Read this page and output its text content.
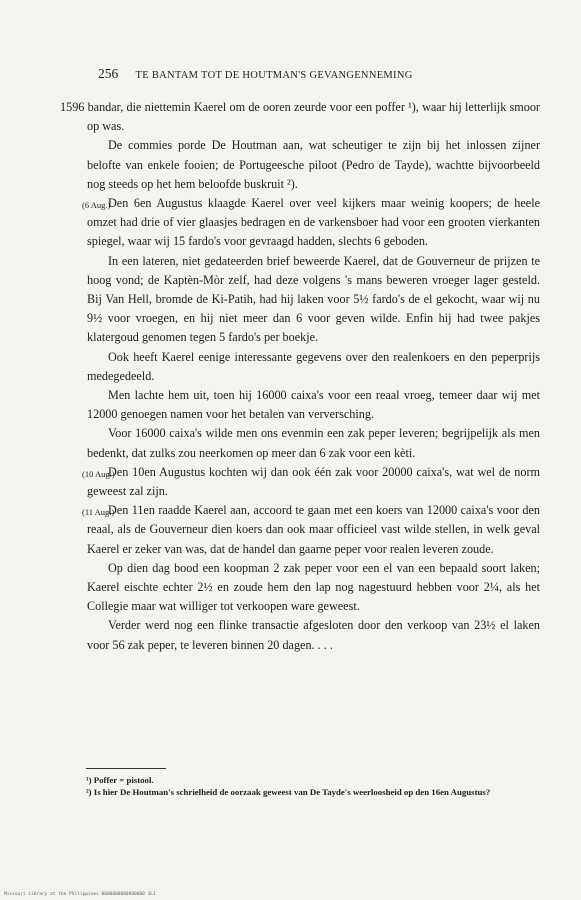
256 TE BANTAM TOT DE HOUTMAN'S GEVANGENNEMING

1596 bandar, die niettemin Kaerel om de ooren zeurde voor een poffer ¹), waar hij letterlijk smoor op was.

De commies porde De Houtman aan, wat scheutiger te zijn bij het inlossen zijner belofte van enkele fooien; de Portugeesche piloot (Pedro de Tayde), wachtte bijvoorbeeld nog steeds op het hem beloofde buskruit ²).

(6 Aug.)
Den 6en Augustus klaagde Kaerel over veel kijkers maar weinig koopers; de heele omzet had drie of vier glaasjes bedragen en de varkensboer had voor een grooten vierkanten spiegel, waar wij 15 fardo's voor gevraagd hadden, slechts 6 geboden.

In een lateren, niet gedateerden brief beweerde Kaerel, dat de Gouverneur de prijzen te hoog vond; de Kaptèn-Mòr zelf, had deze volgens 's mans beweren vroeger lager gesteld. Bij Van Hell, bromde de Ki-Patih, had hij laken voor 5½ fardo's de el gekocht, waar wij nu 9½ voor vroegen, en hij niet meer dan 6 voor geven wilde. Enfin hij had twee pakjes klatergoud genomen tegen 5 fardo's per boekje.

Ook heeft Kaerel eenige interessante gegevens over den realenkoers en den peperprijs medegedeeld.

Men lachte hem uit, toen hij 16000 caixa's voor een reaal vroeg, temeer daar wij met 12000 genoegen namen voor het betalen van verversching.

Voor 16000 caixa's wilde men ons evenmin een zak peper leveren; begrijpelijk als men bedenkt, dat zulks zou neerkomen op meer dan 6 zak voor een kèti.

(10 Aug.)
Den 10en Augustus kochten wij dan ook één zak voor 20000 caixa's, wat wel de norm geweest zal zijn.

(11 Aug.)
Den 11en raadde Kaerel aan, accoord te gaan met een koers van 12000 caixa's voor den reaal, als de Gouverneur dien koers dan ook maar officieel vast wilde stellen, in welk geval Kaerel er zeker van was, dat de handel dan gaarne peper voor realen leveren zoude.

Op dien dag bood een koopman 2 zak peper voor een el van een bepaald soort laken; Kaerel eischte echter 2½ en zoude hem den lap nog nagestuurd hebben voor 2¼, als het Collegie maar wat williger tot verkoopen ware geweest.

Verder werd nog een flinke transactie afgesloten door den verkoop van 23½ el laken voor 56 zak peper, te leveren binnen 20 dagen. . . .

¹) Poffer = pistool.

²) Is hier De Houtman's schrielheid de oorzaak geweest van De Tayde's weerloosheid op den 16en Augustus?

Missouri Library at the Philippines 0000000000000000 1L1
